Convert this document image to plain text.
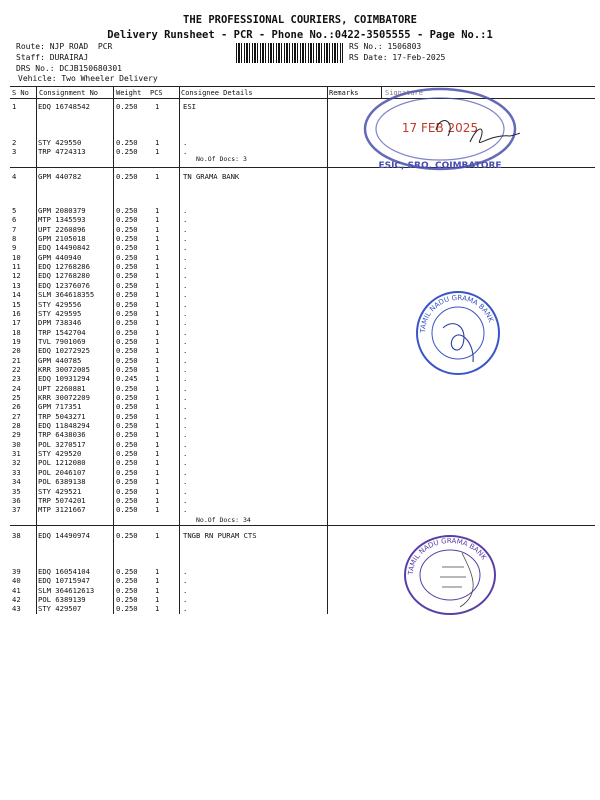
THE PROFESSIONAL COURIERS, COIMBATORE
Delivery Runsheet - PCR - Phone No.:0422-3505555 - Page No.:1
Route: NJP ROAD  PCR
Staff: DURAIRAJ
DRS No.: DCJB150680301
Vehicle: Two Wheeler Delivery
RS No.: 1506803
RS Date: 17-Feb-2025
S No Consignment No	Weight PCS	Consignee Details	Remarks	Signature
1	EDQ 16748542	0.250 1	ESI
2	STY 429550	0.250 1	.
3	TRP 4724313	0.250 1	.
4	GPM 440782	0.250 1	TN GRAMA BANK
5	GPM 2080379	0.250 1	.
6	MTP 1345593	0.250 1	.
7	UPT 2260896	0.250 1	.
8	GPM 2105018	0.250 1	.
9	EDQ 14490842	0.250 1	.
10 GPM 440940	0.250 1	.
11 EDQ 12768286	0.250 1	.
12 EDQ 12768280	0.250 1	.
13 EDQ 12376076	0.250 1	.
14 SLM 364618355	0.250 1	.
15 STY 429556	0.250 1	.
16 STY 429595	0.250 1	.
17 DPM 738346	0.250 1	.
18 TRP 1542704	0.250 1	.
19 TVL 7901069	0.250 1	.
20 EDQ 10272925	0.250 1	.
21 GPM 440785	0.250 1	.
22 KRR 30072005	0.250 1	.
23 EDQ 10931294	0.245 1	.
24 UPT 2260881	0.250 1	.
25 KRR 30072209	0.250 1	.
26 GPM 717351	0.250 1	.
27 TRP 5043271	0.250 1	.
28 EDQ 11848294	0.250 1	.
29 TRP 6438036	0.250 1	.
30 POL 3270517	0.250 1	.
31 STY 429520	0.250 1	.
32 POL 1212080	0.250 1	.
33 POL 2046107	0.250 1	.
34 POL 6389138	0.250 1	.
35 STY 429521	0.250 1	.
36 TRP 5074201	0.250 1	.
37 MTP 3121667	0.250 1	.
38 EDQ 14490974	0.250 1	TNGB RN PURAM CTS
39 EDQ 16054104	0.250 1	.
40 EDQ 10715947	0.250 1	.
41 SLM 364612613	0.250 1	.
42 POL 6389139	0.250 1	.
43 STY 429507	0.250 1	.
No.Of Docs: 3
No.Of Docs: 34
ESIC, SRO, COIMBATORE
17 FEB 2025
TAMIL NADU GRAMA BANK
TAMIL NADU GRAMA BANK
